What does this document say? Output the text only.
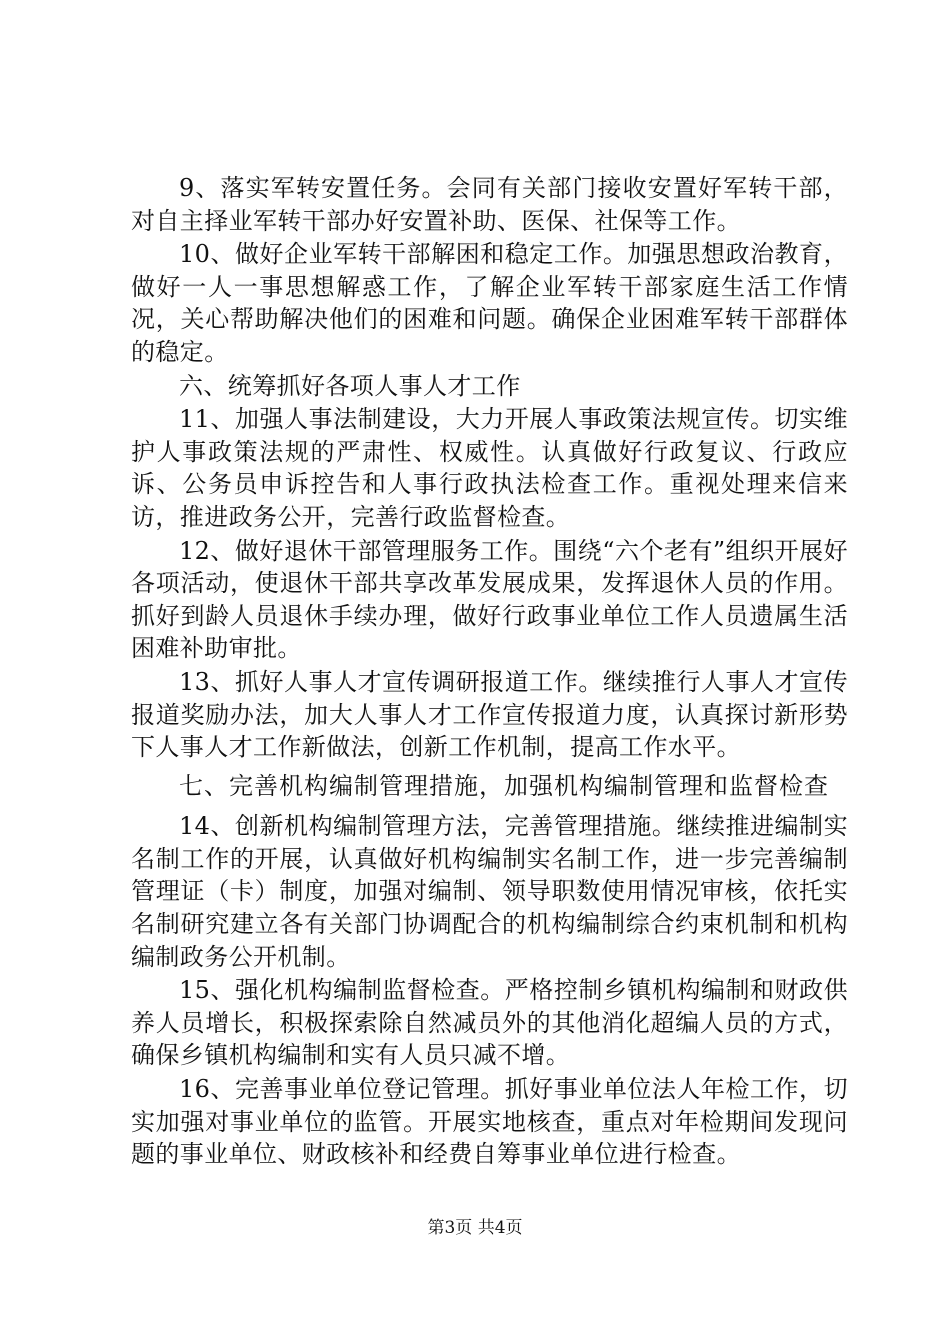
9、落实军转安置任务。会同有关部门接收安置好军转干部，对自主择业军转干部办好安置补助、医保、社保等工作。

10、做好企业军转干部解困和稳定工作。加强思想政治教育，做好一人一事思想解惑工作，了解企业军转干部家庭生活工作情况，关心帮助解决他们的困难和问题。确保企业困难军转干部群体的稳定。

六、统筹抓好各项人事人才工作

11、加强人事法制建设，大力开展人事政策法规宣传。切实维护人事政策法规的严肃性、权威性。认真做好行政复议、行政应诉、公务员申诉控告和人事行政执法检查工作。重视处理来信来访，推进政务公开，完善行政监督检查。

12、做好退休干部管理服务工作。围绕“六个老有”组织开展好各项活动，使退休干部共享改革发展成果，发挥退休人员的作用。抓好到龄人员退休手续办理，做好行政事业单位工作人员遗属生活困难补助审批。

13、抓好人事人才宣传调研报道工作。继续推行人事人才宣传报道奖励办法，加大人事人才工作宣传报道力度，认真探讨新形势下人事人才工作新做法，创新工作机制，提高工作水平。

七、完善机构编制管理措施，加强机构编制管理和监督检查

14、创新机构编制管理方法，完善管理措施。继续推进编制实名制工作的开展，认真做好机构编制实名制工作，进一步完善编制管理证（卡）制度，加强对编制、领导职数使用情况审核，依托实名制研究建立各有关部门协调配合的机构编制综合约束机制和机构编制政务公开机制。

15、强化机构编制监督检查。严格控制乡镇机构编制和财政供养人员增长，积极探索除自然减员外的其他消化超编人员的方式，确保乡镇机构编制和实有人员只减不增。

16、完善事业单位登记管理。抓好事业单位法人年检工作，切实加强对事业单位的监管。开展实地核查，重点对年检期间发现问题的事业单位、财政核补和经费自筹事业单位进行检查。

第3页 共4页
